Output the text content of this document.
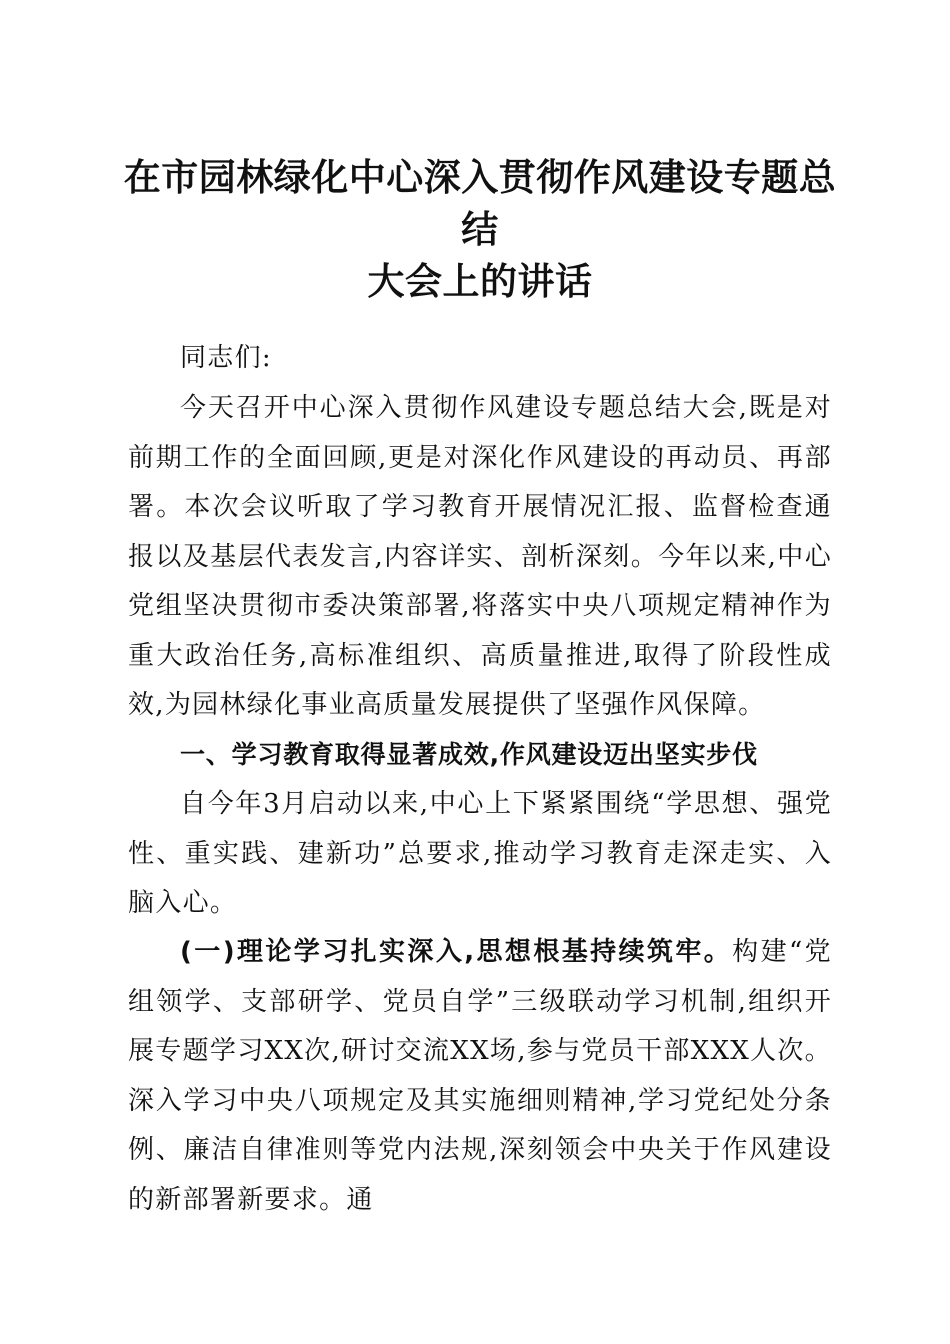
在市园林绿化中心深入贯彻作风建设专题总结
大会上的讲话

同志们:

今天召开中心深入贯彻作风建设专题总结大会,既是对前期工作的全面回顾,更是对深化作风建设的再动员、再部署。本次会议听取了学习教育开展情况汇报、监督检查通报以及基层代表发言,内容详实、剖析深刻。今年以来,中心党组坚决贯彻市委决策部署,将落实中央八项规定精神作为重大政治任务,高标准组织、高质量推进,取得了阶段性成效,为园林绿化事业高质量发展提供了坚强作风保障。

一、学习教育取得显著成效,作风建设迈出坚实步伐

自今年3月启动以来,中心上下紧紧围绕“学思想、强党性、重实践、建新功”总要求,推动学习教育走深走实、入脑入心。

(一)理论学习扎实深入,思想根基持续筑牢。构建“党组领学、支部研学、党员自学”三级联动学习机制,组织开展专题学习XX次,研讨交流XX场,参与党员干部XXX人次。深入学习中央八项规定及其实施细则精神,学习党纪处分条例、廉洁自律准则等党内法规,深刻领会中央关于作风建设的新部署新要求。通
